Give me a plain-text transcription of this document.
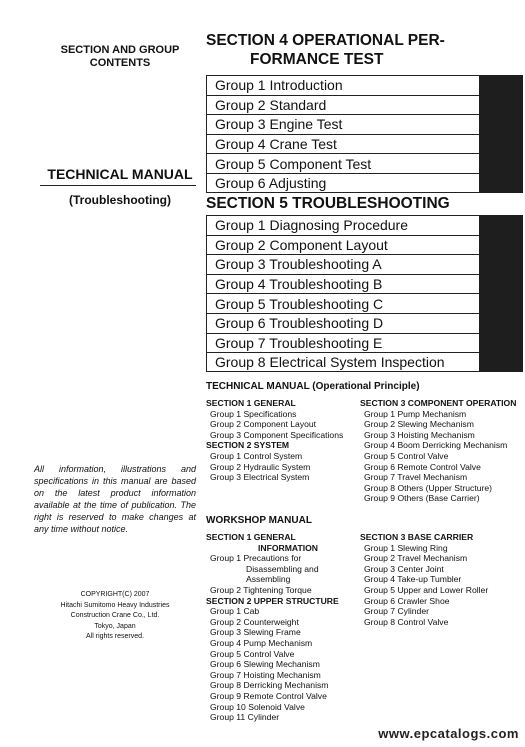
SECTION AND GROUP
CONTENTS
TECHNICAL MANUAL
(Troubleshooting)
All information, illustrations and specifications in this manual are based on the latest product information available at the time of publication. The right is reserved to make changes at any time without notice.
COPYRIGHT(C) 2007
Hitachi Sumitomo Heavy Industries
Construction Crane Co., Ltd.
Tokyo, Japan
All rights reserved.
SECTION 4 OPERATIONAL PER-
FORMANCE TEST
Group 1 Introduction
Group 2 Standard
Group 3 Engine Test
Group 4 Crane Test
Group 5 Component Test
Group 6 Adjusting
SECTION 5 TROUBLESHOOTING
Group 1 Diagnosing Procedure
Group 2 Component Layout
Group 3 Troubleshooting A
Group 4 Troubleshooting B
Group 5 Troubleshooting C
Group 6 Troubleshooting D
Group 7 Troubleshooting E
Group 8 Electrical System Inspection
TECHNICAL MANUAL (Operational Principle)
SECTION 1 GENERAL
Group 1 Specifications
Group 2 Component Layout
Group 3 Component Specifications
SECTION 2 SYSTEM
Group 1 Control System
Group 2 Hydraulic System
Group 3 Electrical System
SECTION 3 COMPONENT OPERATION
Group 1 Pump Mechanism
Group 2 Slewing Mechanism
Group 3 Hoisting Mechanism
Group 4 Boom Derricking Mechanism
Group 5 Control Valve
Group 6 Remote Control Valve
Group 7 Travel Mechanism
Group 8 Others (Upper Structure)
Group 9 Others (Base Carrier)
WORKSHOP MANUAL
SECTION 1 GENERAL
INFORMATION
Group 1 Precautions for
Disassembling and
Assembling
Group 2 Tightening Torque
SECTION 2 UPPER STRUCTURE
Group 1 Cab
Group 2 Counterweight
Group 3 Slewing Frame
Group 4 Pump Mechanism
Group 5 Control Valve
Group 6 Slewing Mechanism
Group 7 Hoisting Mechanism
Group 8 Derricking Mechanism
Group 9 Remote Control Valve
Group 10 Solenoid Valve
Group 11 Cylinder
SECTION 3 BASE CARRIER
Group 1 Slewing Ring
Group 2 Travel Mechanism
Group 3 Center Joint
Group 4 Take-up Tumbler
Group 5 Upper and Lower Roller
Group 6 Crawler Shoe
Group 7 Cylinder
Group 8 Control Valve
www.epcatalogs.com
